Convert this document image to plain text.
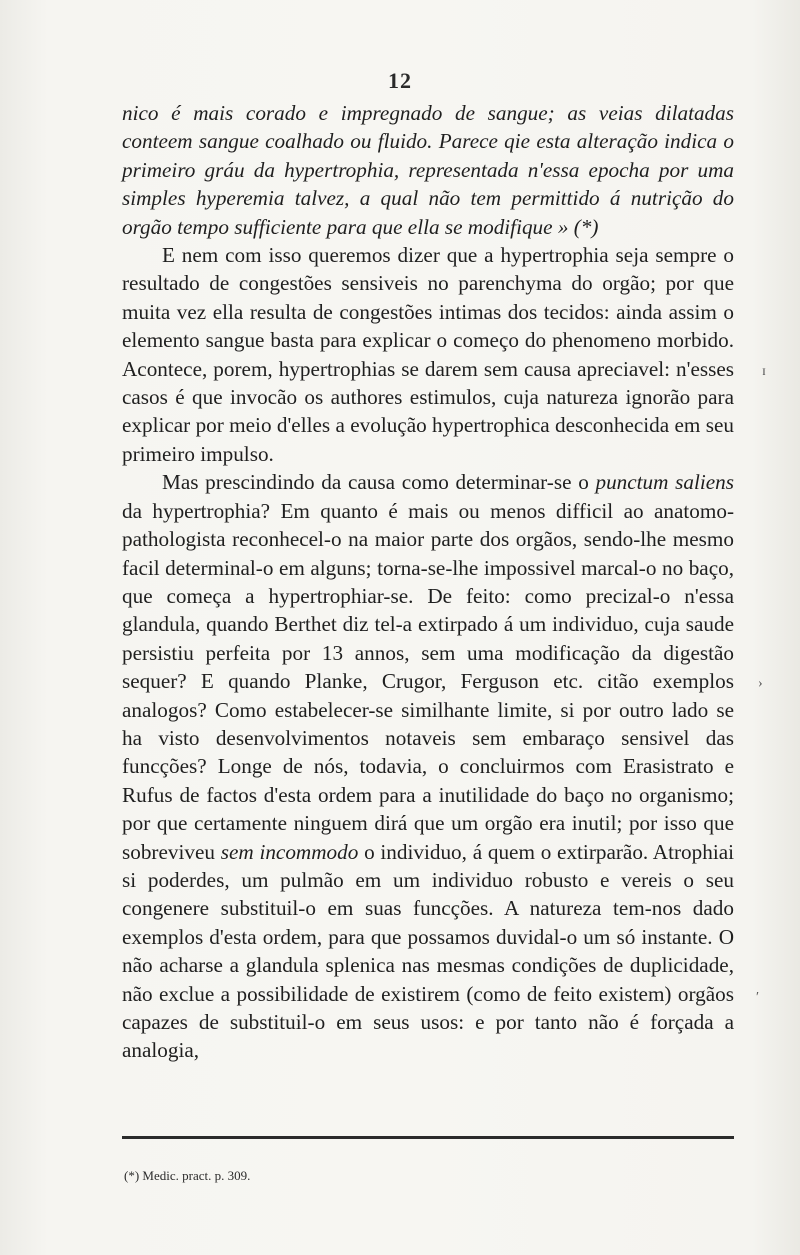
12

nico é mais corado e impregnado de sangue; as veias dilatadas conteem sangue coalhado ou fluido. Parece qie esta alteração indica o primeiro gráu da hypertrophia, representada n'essa epocha por uma simples hyperemia talvez, a qual não tem permittido á nutrição do orgão tempo sufficiente para que ella se modifique » (*)

E nem com isso queremos dizer que a hypertrophia seja sempre o resultado de congestões sensiveis no parenchyma do orgão; por que muita vez ella resulta de congestões intimas dos tecidos: ainda assim o elemento sangue basta para explicar o começo do phenomeno morbido. Acontece, porem, hypertrophias se darem sem causa apreciavel: n'esses casos é que invocão os authores estimulos, cuja natureza ignorão para explicar por meio d'elles a evolução hypertrophica desconhecida em seu primeiro impulso.

Mas prescindindo da causa como determinar-se o punctum saliens da hypertrophia? Em quanto é mais ou menos difficil ao anatomo-pathologista reconhecel-o na maior parte dos orgãos, sendo-lhe mesmo facil determinal-o em alguns; torna-se-lhe impossivel marcal-o no baço, que começa a hypertrophiar-se. De feito: como precizal-o n'essa glandula, quando Berthet diz tel-a extirpado á um individuo, cuja saude persistiu perfeita por 13 annos, sem uma modificação da digestão sequer? E quando Planke, Crugor, Ferguson etc. citão exemplos analogos? Como estabelecer-se similhante limite, si por outro lado se ha visto desenvolvimentos notaveis sem embaraço sensivel das funcções? Longe de nós, todavia, o concluirmos com Erasistrato e Rufus de factos d'esta ordem para a inutilidade do baço no organismo; por que certamente ninguem dirá que um orgão era inutil; por isso que sobreviveu sem incommodo o individuo, á quem o extirparão. Atrophiai si poderdes, um pulmão em um individuo robusto e vereis o seu congenere substituil-o em suas funcções. A natureza tem-nos dado exemplos d'esta ordem, para que possamos duvidal-o um só instante. O não acharse a glandula splenica nas mesmas condições de duplicidade, não exclue a possibilidade de existirem (como de feito existem) orgãos capazes de substituil-o em seus usos: e por tanto não é forçada a analogia,

(*) Medic. pract. p. 309.
ɪ
›
′
